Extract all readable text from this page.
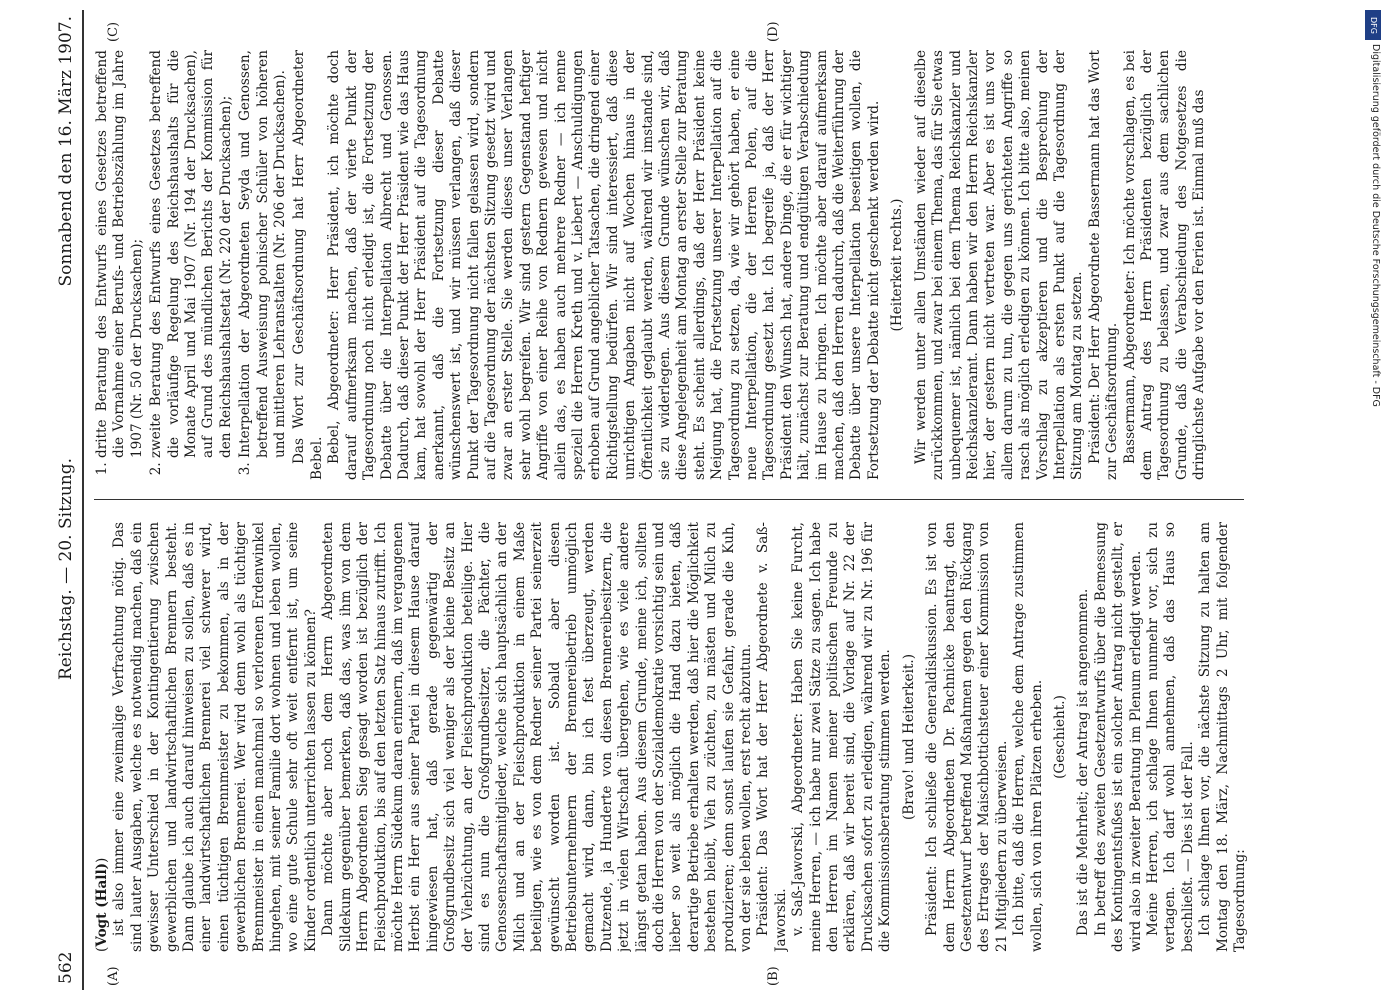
562
Reichstag. — 20. Sitzung.
Sonnabend den 16. März 1907.
(A)	(B)
(C)	(D)

(Vogt (Hall)) ist also immer eine zweimalige Verfrachtung nötig. Das sind lauter Ausgaben, welche es notwendig machen, daß ein gewisser Unterschied in der Kontingentierung zwischen gewerblichen und landwirtschaftlichen Brennern besteht. Dann glaube ich auch darauf hinweisen zu sollen, daß es in einer landwirtschaftlichen Brennerei viel schwerer wird, einen tüchtigen Brennmeister zu bekommen, als in der gewerblichen Brennerei. Wer wird denn wohl als tüchtiger Brennmeister in einen manchmal so verlorenen Erdenwinkel hingehen, mit seiner Familie dort wohnen und leben wollen, wo eine gute Schule sehr oft weit entfernt ist, um seine Kinder ordentlich unterrichten lassen zu können? Dann möchte aber noch dem Herrn Abgeordneten Sildekum gegenüber bemerken, daß das, was ihm von dem Herrn Abgeordneten Sieg gesagt worden ist bezüglich der Fleischproduktion, bis auf den letzten Satz hinaus zutrifft. Ich möchte Herrn Südekum daran erinnern, daß im vergangenen Herbst ein Herr aus seiner Partei in diesem Hause darauf hingewiesen hat, daß gerade gegenwärtig der Großgrundbesitz sich viel weniger als der kleine Besitz an der Viehzüchtung, an der Fleischproduktion beteilige. Hier sind es nun die Großgrundbesitzer, die Pächter, die Genossenschaftsmitglieder, welche sich hauptsächlich an der Milch und an der Fleischproduktion in einem Maße beteiligen, wie es von dem Redner seiner Partei seinerzeit gewünscht worden ist. Sobald aber diesen Betriebsunternehmern der Brennereibetrieb unmöglich gemacht wird, dann, bin ich fest überzeugt, werden Dutzende, ja Hunderte von diesen Brennereibesitzern, die jetzt in vielen Wirtschaft übergehen, wie es viele andere längst getan haben. Aus diesem Grunde, meine ich, sollten doch die Herren von der Sozialdemokratie vorsichtig sein und lieber so weit als möglich die Hand dazu bieten, daß derartige Betriebe erhalten werden, daß hier die Möglichkeit bestehen bleibt, Vieh zu züchten, zu mästen und Milch zu produzieren; denn sonst laufen sie Gefahr, gerade die Kuh, von der sie leben wollen, erst recht abzutun. Präsident: Das Wort hat der Herr Abgeordnete v. Saß-Jaworski. v. Saß-Jaworski, Abgeordneter: Haben Sie keine Furcht, meine Herren, — ich habe nur zwei Sätze zu sagen. Ich habe den Herren im Namen meiner politischen Freunde zu erklären, daß wir bereit sind, die Vorlage auf Nr. 22 der Drucksachen sofort zu erledigen, während wir zu Nr. 196 für die Kommissionsberatung stimmen werden. (Bravo! und Heiterkeit.) Präsident: Ich schließe die Generaldiskussion. Es ist von dem Herrn Abgeordneten Dr. Pachnicke beantragt, den Gesetzentwurf betreffend Maßnahmen gegen den Rückgang des Ertrages der Maischbottichsteuer einer Kommission von 21 Mitgliedern zu überweisen. Ich bitte, daß die Herren, welche dem Antrage zustimmen wollen, sich von ihren Plätzen erheben. (Geschieht.) Das ist die Mehrheit; der Antrag ist angenommen. In betreff des zweiten Gesetzentwurfs über die Bemessung des Kontingentsfußes ist ein solcher Antrag nicht gestellt, er wird also in zweiter Beratung im Plenum erledigt werden. Meine Herren, ich schlage Ihnen nunmehr vor, sich zu vertagen. Ich darf wohl annehmen, daß das Haus so beschließt. — Dies ist der Fall. Ich schlage Ihnen vor, die nächste Sitzung zu halten am Montag den 18. März, Nachmittags 2 Uhr, mit folgender Tagesordnung:

1. dritte Beratung des Entwurfs eines Gesetzes betreffend die Vornahme einer Berufs- und Betriebszählung im Jahre 1907 (Nr. 50 der Drucksachen); 2. zweite Beratung des Entwurfs eines Gesetzes betreffend die vorläufige Regelung des Reichshaushalts für die Monate April und Mai 1907 (Nr. 194 der Drucksachen), auf Grund des mündlichen Berichts der Kommission für den Reichshaushaltsetat (Nr. 220 der Drucksachen); 3. Interpellation der Abgeordneten Seyda und Genossen, betreffend Ausweisung polnischer Schüler von höheren und mittleren Lehranstalten (Nr. 206 der Drucksachen). Das Wort zur Geschäftsordnung hat Herr Abgeordneter Bebel. Bebel, Abgeordneter: Herr Präsident, ich möchte doch darauf aufmerksam machen, daß der vierte Punkt der Tagesordnung noch nicht erledigt ist, die Fortsetzung der Debatte über die Interpellation Albrecht und Genossen. Dadurch, daß dieser Punkt der Herr Präsident wie das Haus kam, hat sowohl der Herr Präsident auf die Tagesordnung anerkannt, daß die Fortsetzung dieser Debatte wünschenswert ist, und wir müssen verlangen, daß dieser Punkt der Tagesordnung nicht fallen gelassen wird, sondern auf die Tagesordnung der nächsten Sitzung gesetzt wird und zwar an erster Stelle. Sie werden dieses unser Verlangen sehr wohl begreifen. Wir sind gestern Gegenstand heftiger Angriffe von einer Reihe von Rednern gewesen und nicht allein das, es haben auch mehrere Redner — ich nenne speziell die Herren Kreth und v. Liebert — Anschuldigungen erhoben auf Grund angeblicher Tatsachen, die dringend einer Richtigstellung bedürfen. Wir sind interessiert, daß diese unrichtigen Angaben nicht auf Wochen hinaus in der Öffentlichkeit geglaubt werden, während wir imstande sind, sie zu widerlegen. Aus diesem Grunde wünschen wir, daß diese Angelegenheit am Montag an erster Stelle zur Beratung steht. Es scheint allerdings, daß der Herr Präsident keine Neigung hat, die Fortsetzung unserer Interpellation auf die Tagesordnung zu setzen, da, wie wir gehört haben, er eine neue Interpellation, die der Herren Polen, auf die Tagesordnung gesetzt hat. Ich begreife ja, daß der Herr Präsident den Wunsch hat, andere Dinge, die er für wichtiger hält, zunächst zur Beratung und endgültigen Verabschiedung im Hause zu bringen. Ich möchte aber darauf aufmerksam machen, daß den Herren dadurch, daß die Weiterführung der Debatte über unsere Interpellation beseitigen wollen, die Fortsetzung der Debatte nicht geschenkt werden wird. (Heiterkeit rechts.) Wir werden unter allen Umständen wieder auf dieselbe zurückkommen, und zwar bei einem Thema, das für Sie etwas unbequemer ist, nämlich bei dem Thema Reichskanzler und Reichskanzleramt. Dann haben wir den Herrn Reichskanzler hier, der gestern nicht vertreten war. Aber es ist uns vor allem darum zu tun, die gegen uns gerichteten Angriffe so rasch als möglich erledigen zu können. Ich bitte also, meinen Vorschlag zu akzeptieren und die Besprechung der Interpellation als ersten Punkt auf die Tagesordnung der Sitzung am Montag zu setzen. Präsident: Der Herr Abgeordnete Bassermann hat das Wort zur Geschäftsordnung. Bassermann, Abgeordneter: Ich möchte vorschlagen, es bei dem Antrag des Herrn Präsidenten bezüglich der Tagesordnung zu belassen, und zwar aus dem sachlichen Grunde, daß die Verabschiedung des Notgesetzes die dringlichste Aufgabe vor den Ferien ist. Einmal muß das

DFG
Digitalisierung gefördert durch die Deutsche Forschungsgemeinschaft - DFG
